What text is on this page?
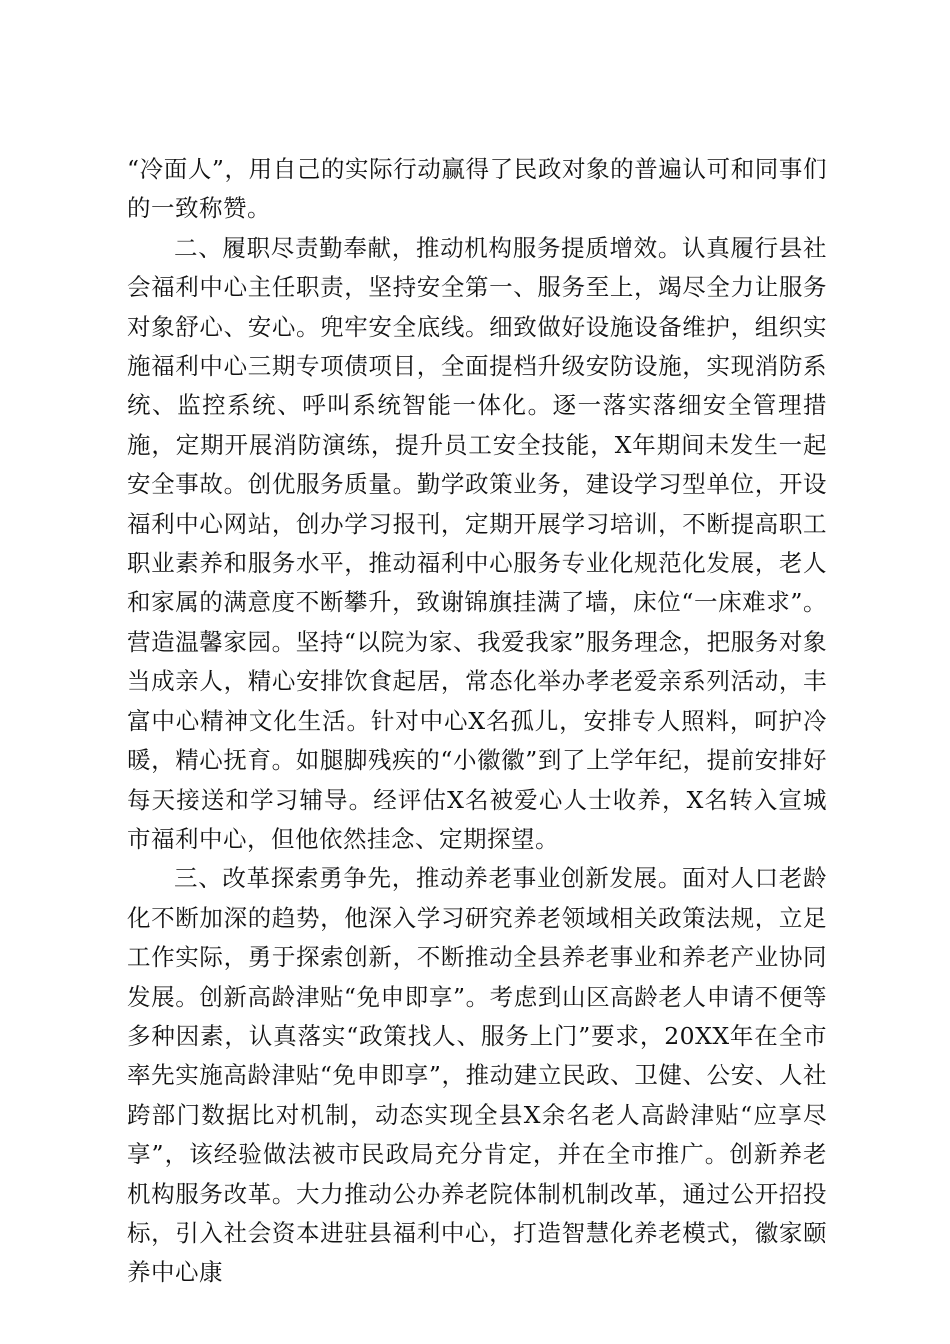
“冷面人”，用自己的实际行动赢得了民政对象的普遍认可和同事们的一致称赞。

二、履职尽责勤奉献，推动机构服务提质增效。认真履行县社会福利中心主任职责，坚持安全第一、服务至上，竭尽全力让服务对象舒心、安心。兜牢安全底线。细致做好设施设备维护，组织实施福利中心三期专项债项目，全面提档升级安防设施，实现消防系统、监控系统、呼叫系统智能一体化。逐一落实落细安全管理措施，定期开展消防演练，提升员工安全技能，X年期间未发生一起安全事故。创优服务质量。勤学政策业务，建设学习型单位，开设福利中心网站，创办学习报刊，定期开展学习培训，不断提高职工职业素养和服务水平，推动福利中心服务专业化规范化发展，老人和家属的满意度不断攀升，致谢锦旗挂满了墙，床位“一床难求”。营造温馨家园。坚持“以院为家、我爱我家”服务理念，把服务对象当成亲人，精心安排饮食起居，常态化举办孝老爱亲系列活动，丰富中心精神文化生活。针对中心X名孤儿，安排专人照料，呵护冷暖，精心抚育。如腿脚残疾的“小徽徽”到了上学年纪，提前安排好每天接送和学习辅导。经评估X名被爱心人士收养，X名转入宣城市福利中心，但他依然挂念、定期探望。

三、改革探索勇争先，推动养老事业创新发展。面对人口老龄化不断加深的趋势，他深入学习研究养老领域相关政策法规，立足工作实际，勇于探索创新，不断推动全县养老事业和养老产业协同发展。创新高龄津贴“免申即享”。考虑到山区高龄老人申请不便等多种因素，认真落实“政策找人、服务上门”要求，20XX年在全市率先实施高龄津贴“免申即享”，推动建立民政、卫健、公安、人社跨部门数据比对机制，动态实现全县X余名老人高龄津贴“应享尽享”，该经验做法被市民政局充分肯定，并在全市推广。创新养老机构服务改革。大力推动公办养老院体制机制改革，通过公开招投标，引入社会资本进驻县福利中心，打造智慧化养老模式，徽家颐养中心康
